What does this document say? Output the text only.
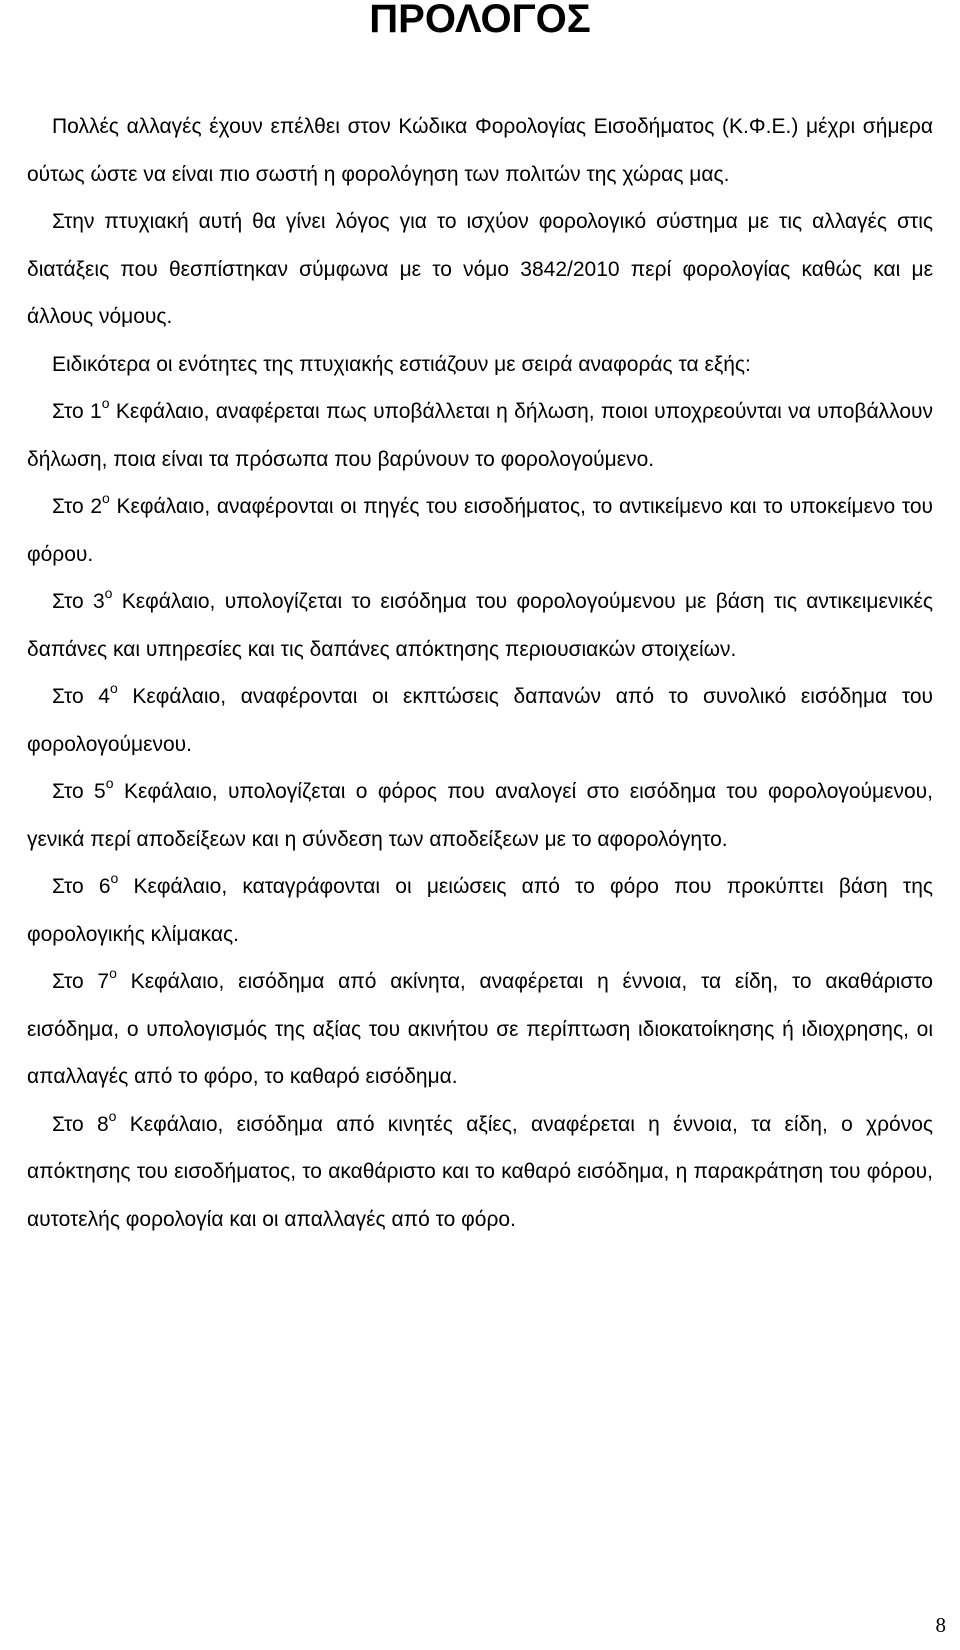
ΠΡΟΛΟΓΟΣ

Πολλές αλλαγές έχουν επέλθει στον Κώδικα Φορολογίας Εισοδήματος (Κ.Φ.Ε.) μέχρι σήμερα ούτως ώστε να είναι πιο σωστή η φορολόγηση των πολιτών της χώρας μας.

Στην πτυχιακή αυτή θα γίνει λόγος για το ισχύον φορολογικό σύστημα με τις αλλαγές στις διατάξεις που θεσπίστηκαν σύμφωνα με το νόμο 3842/2010 περί φορολογίας καθώς και με άλλους νόμους.

Ειδικότερα οι ενότητες της πτυχιακής εστιάζουν με σειρά αναφοράς τα εξής:

Στο $1^o$ Κεφάλαιο, αναφέρεται πως υποβάλλεται η δήλωση, ποιοι υποχρεούνται να υποβάλλουν δήλωση, ποια είναι τα πρόσωπα που βαρύνουν το φορολογούμενο.

Στο $2^o$ Κεφάλαιο, αναφέρονται οι πηγές του εισοδήματος, το αντικείμενο και το υποκείμενο του φόρου.

Στο $3^o$ Κεφάλαιο, υπολογίζεται το εισόδημα του φορολογούμενου με βάση τις αντικειμενικές δαπάνες και υπηρεσίες και τις δαπάνες απόκτησης περιουσιακών στοιχείων.

Στο $4^o$ Κεφάλαιο, αναφέρονται οι εκπτώσεις δαπανών από το συνολικό εισόδημα του φορολογούμενου.

Στο $5^o$ Κεφάλαιο, υπολογίζεται ο φόρος που αναλογεί στο εισόδημα του φορολογούμενου, γενικά περί αποδείξεων και η σύνδεση των αποδείξεων με το αφορολόγητο.

Στο $6^o$ Κεφάλαιο, καταγράφονται οι μειώσεις από το φόρο που προκύπτει βάση της φορολογικής κλίμακας.

Στο $7^o$ Κεφάλαιο, εισόδημα από ακίνητα, αναφέρεται η έννοια, τα είδη, το ακαθάριστο εισόδημα, ο υπολογισμός της αξίας του ακινήτου σε περίπτωση ιδιοκατοίκησης ή ιδιοχρησης, οι απαλλαγές από το φόρο, το καθαρό εισόδημα.

Στο $8^o$ Κεφάλαιο, εισόδημα από κινητές αξίες, αναφέρεται η έννοια, τα είδη, ο χρόνος απόκτησης του εισοδήματος, το ακαθάριστο και το καθαρό εισόδημα, η παρακράτηση του φόρου, αυτοτελής φορολογία και οι απαλλαγές από το φόρο.

8
